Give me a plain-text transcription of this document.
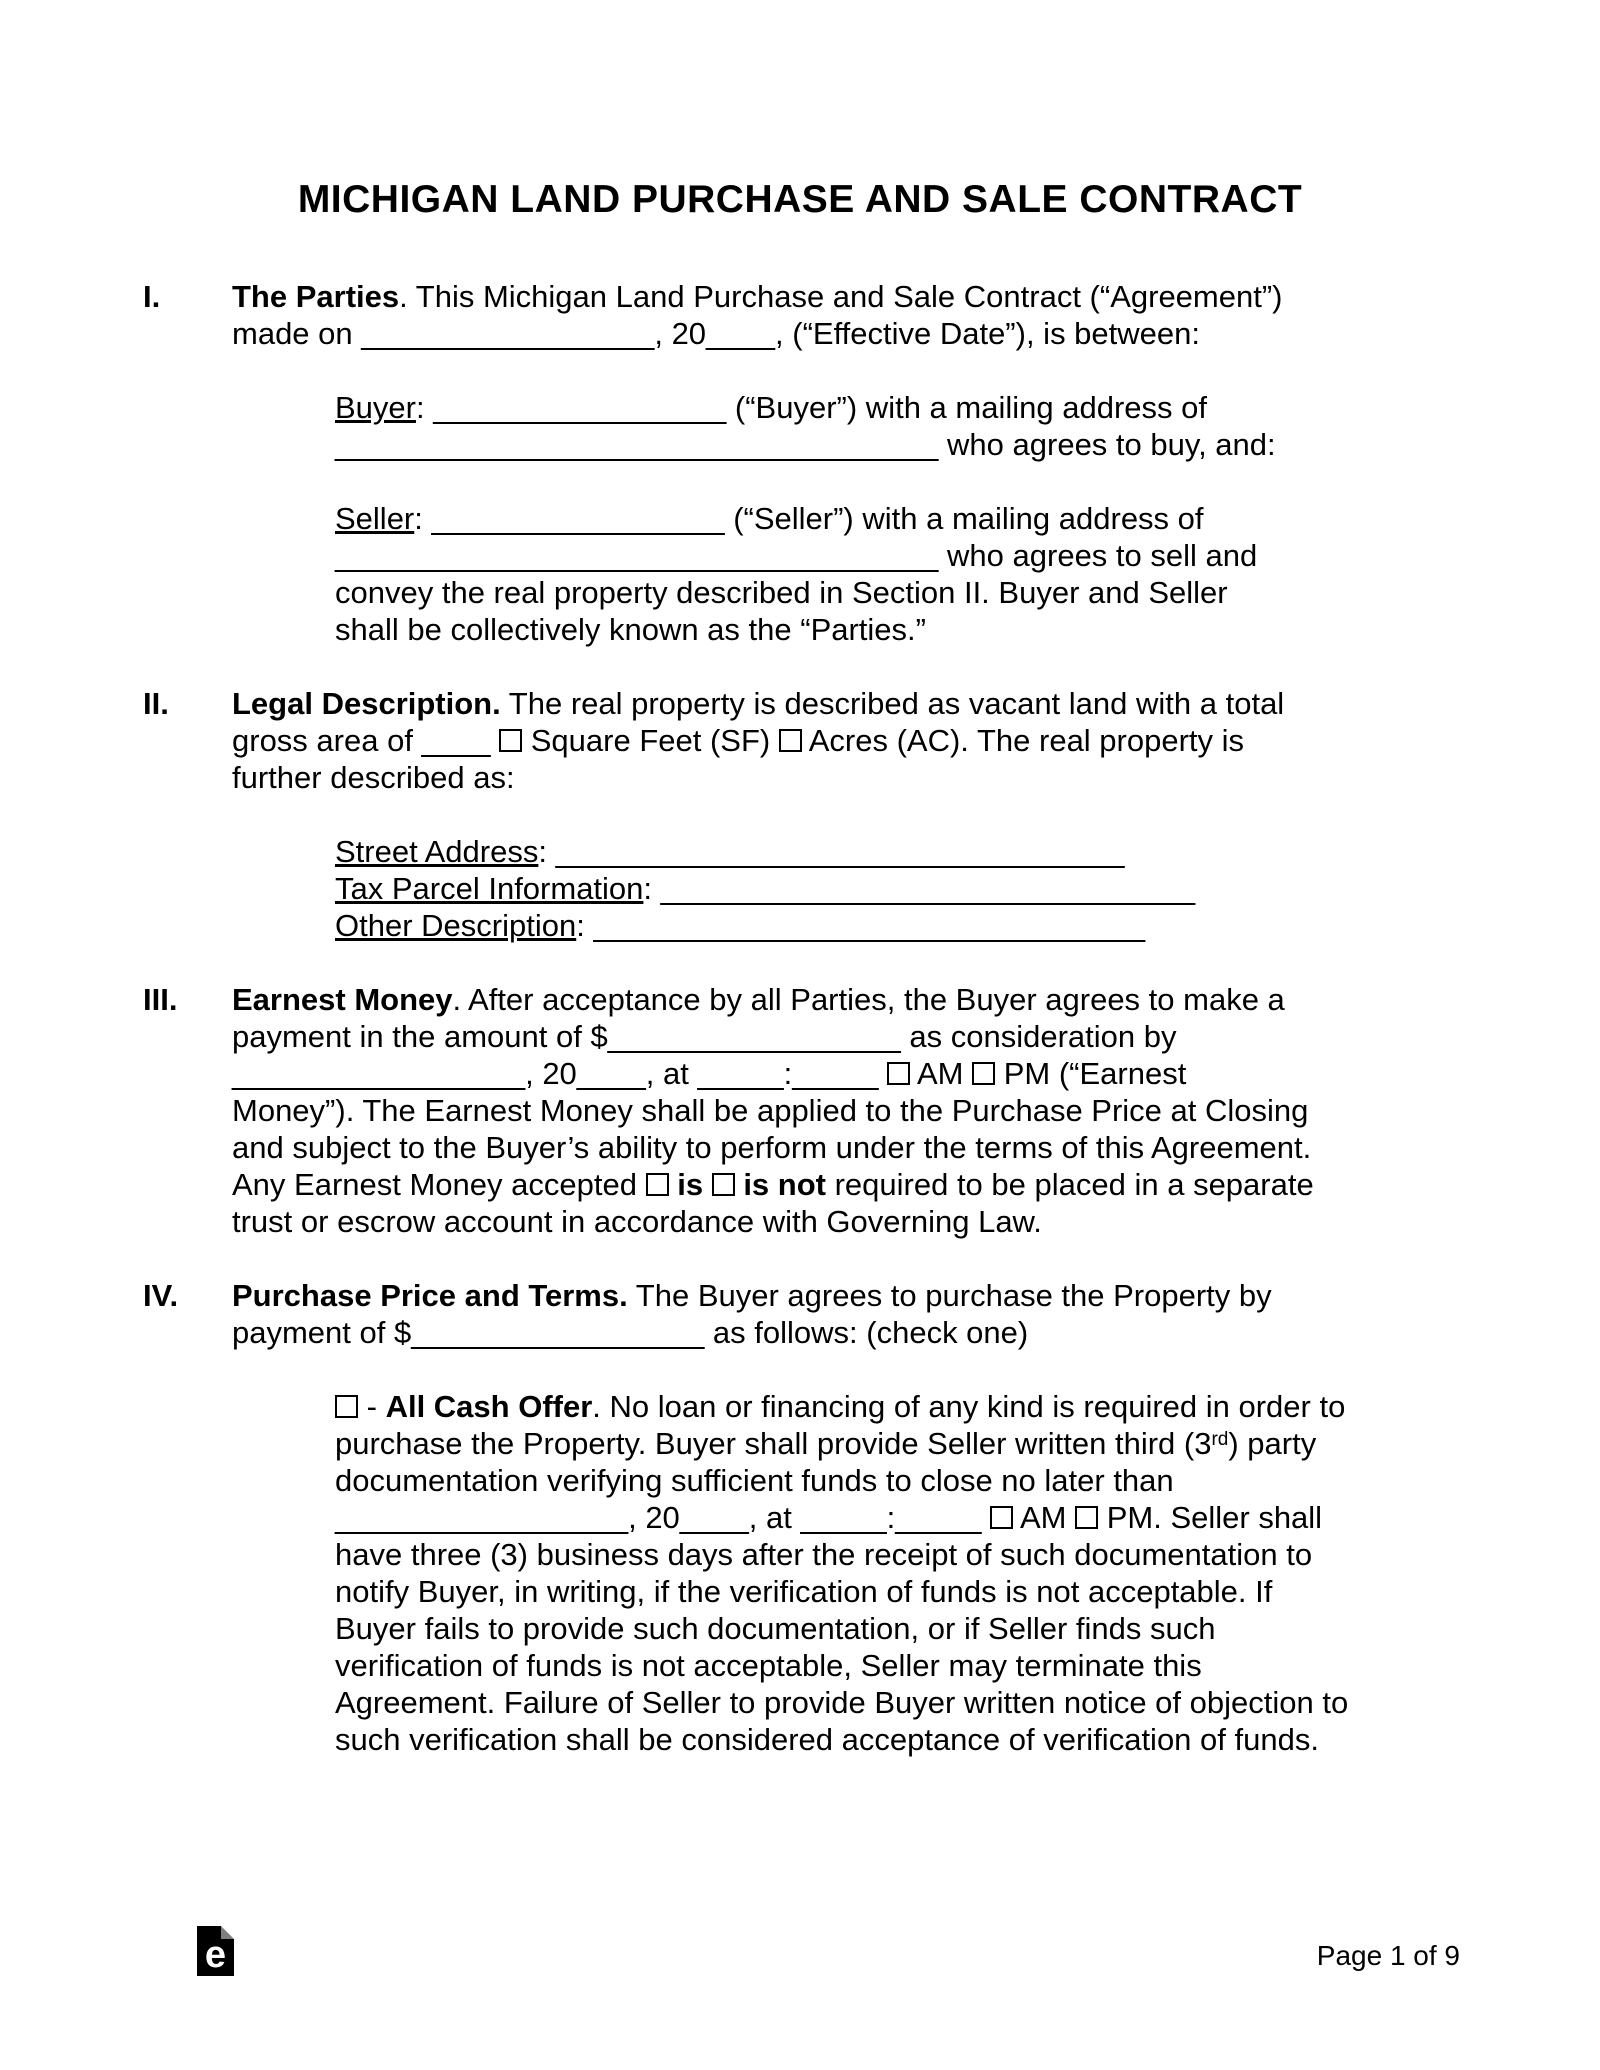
MICHIGAN LAND PURCHASE AND SALE CONTRACT
I.	The Parties. This Michigan Land Purchase and Sale Contract (“Agreement”)
made on _________________, 20____, (“Effective Date”), is between:
Buyer: _________________ (“Buyer”) with a mailing address of
___________________________________ who agrees to buy, and:
Seller: _________________ (“Seller”) with a mailing address of
___________________________________ who agrees to sell and
convey the real property described in Section II. Buyer and Seller
shall be collectively known as the “Parties.”
II.	Legal Description. The real property is described as vacant land with a total
gross area of ____  Square Feet (SF)  Acres (AC). The real property is
further described as:
Street Address: _________________________________
Tax Parcel Information: _______________________________
Other Description: ________________________________
III.	Earnest Money. After acceptance by all Parties, the Buyer agrees to make a
payment in the amount of $_________________ as consideration by
_________________, 20____, at _____:_____  AM  PM (“Earnest
Money”). The Earnest Money shall be applied to the Purchase Price at Closing
and subject to the Buyer’s ability to perform under the terms of this Agreement.
Any Earnest Money accepted  is is not required to be placed in a separate
trust or escrow account in accordance with Governing Law.
IV.	Purchase Price and Terms. The Buyer agrees to purchase the Property by
payment of $_________________ as follows: (check one)
- All Cash Offer. No loan or financing of any kind is required in order to
purchase the Property. Buyer shall provide Seller written third (3rd) party
documentation verifying sufficient funds to close no later than
_________________, 20____, at _____:_____  AM  PM. Seller shall
have three (3) business days after the receipt of such documentation to
notify Buyer, in writing, if the verification of funds is not acceptable. If
Buyer fails to provide such documentation, or if Seller finds such
verification of funds is not acceptable, Seller may terminate this
Agreement. Failure of Seller to provide Buyer written notice of objection to
such verification shall be considered acceptance of verification of funds.
e	Page 1 of 9
